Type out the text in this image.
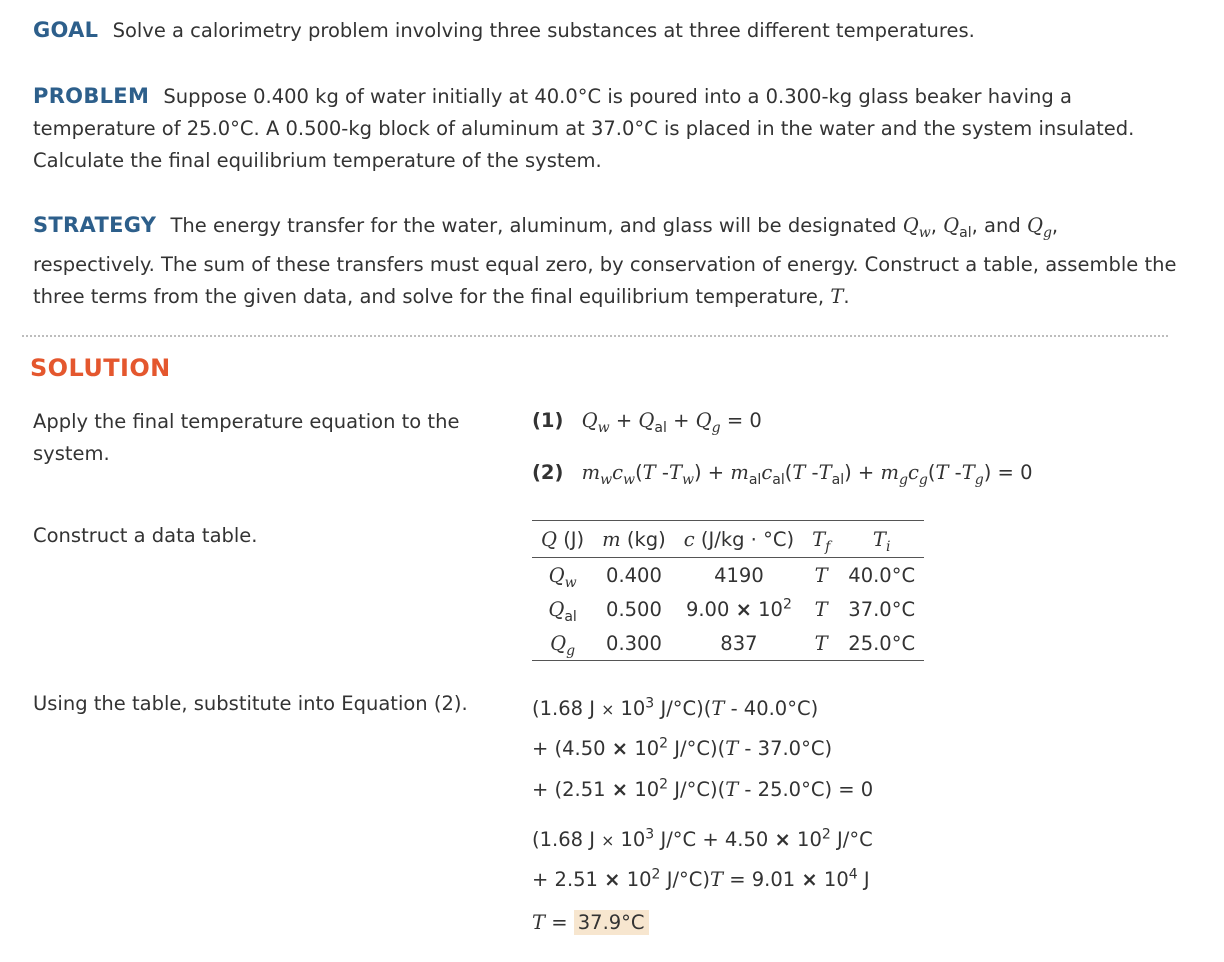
GOAL Solve a calorimetry problem involving three substances at three different temperatures.
PROBLEM Suppose 0.400 kg of water initially at 40.0°C is poured into a 0.300-kg glass beaker having a temperature of 25.0°C. A 0.500-kg block of aluminum at 37.0°C is placed in the water and the system insulated. Calculate the final equilibrium temperature of the system.
STRATEGY The energy transfer for the water, aluminum, and glass will be designated $Q_w$, $Q_{al}$, and $Q_g$,
respectively. The sum of these transfers must equal zero, by conservation of energy. Construct a table, assemble the three terms from the given data, and solve for the final equilibrium temperature, T.
SOLUTION
Apply the final temperature equation to the system.
(1) $Q_w + Q_{al} + Q_g = 0$
(2) $m_wc_w(T$ $-T_w) + m_{al}c_{al}(T$ $-T_{al}) + m_gc_g(T$ $-T_g) = 0$
Construct a data table.	Q (J)	m (kg)	c (J/kg · °C)	$T_f$	$T_i$
$Q_w$	0.400	4190	T	40.0°C
$Q_{al}$	0.500	$9.00 \times 10^2$	T	37.0°C
$Q_g$	0.300	837	T	25.0°C
Using the table, substitute into Equation (2).	(1.68 $J \times 10^3$ J/°C)(T - 40.0°C)
+ ($4.50 \times 10^2$ J/°C)(T - 37.0°C)
+ ($2.51 \times 10^2$ J/°C)(T - 25.0°C) = 0
(1.68 $J \times 10^3$ $J/^\circ C + 4.50 \times 10^2$ J/°C
+ $2.51 \times 10^2$ $J/^\circ C)T = 9.01 \times 10^4$ J
T = 37.9°C
